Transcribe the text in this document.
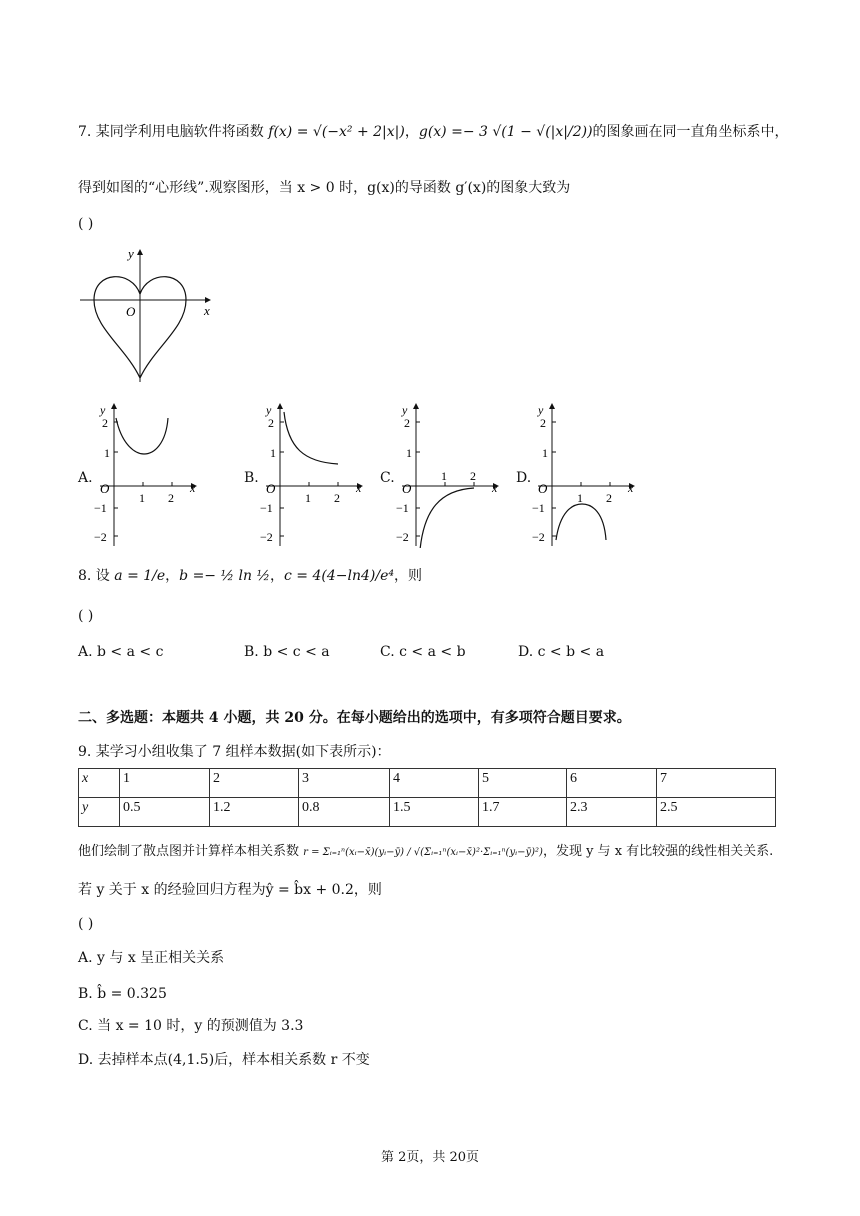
7. 某同学利用电脑软件将函数 f(x) = √(−x² + 2|x|)，g(x) =− 3 √(1 − √(|x|/2))的图象画在同一直角坐标系中，
得到如图的“心形线”.观察图形，当 x > 0 时，g(x)的导函数 g′(x)的图象大致为
( )
x
y
O
A.
y
x
O
2
1
−1
−2
1 2
B.
y
x
O
2
1
−1
−2
1 2
C.
y
x
O
2
1
−1
−2
1 2	D.
y
x
O
2
1
−1
−2
1 2
8. 设 a = 1/e，b =− ½ ln ½，c = 4(4−ln4)/e⁴，则
( )
A. b < a < c	B. b < c < a	C. c < a < b	D. c < b < a
二、多选题：本题共 4 小题，共 20 分。在每小题给出的选项中，有多项符合题目要求。
9. 某学习小组收集了 7 组样本数据(如下表所示)：
x	1	2	3	4	5	6	7
y	0.5	1.2	0.8	1.5	1.7	2.3	2.5
他们绘制了散点图并计算样本相关系数 r = Σᵢ₌₁ⁿ(xᵢ−x̄)(yᵢ−ȳ) / √(Σᵢ₌₁ⁿ(xᵢ−x̄)²·Σᵢ₌₁ⁿ(yᵢ−ȳ)²)，发现 y 与 x 有比较强的线性相关关系.
若 y 关于 x 的经验回归方程为ŷ = b̂x + 0.2，则
( )
A. y 与 x 呈正相关关系
B. b̂ = 0.325
C. 当 x = 10 时，y 的预测值为 3.3
D. 去掉样本点(4,1.5)后，样本相关系数 r 不变
第 2页，共 20页
